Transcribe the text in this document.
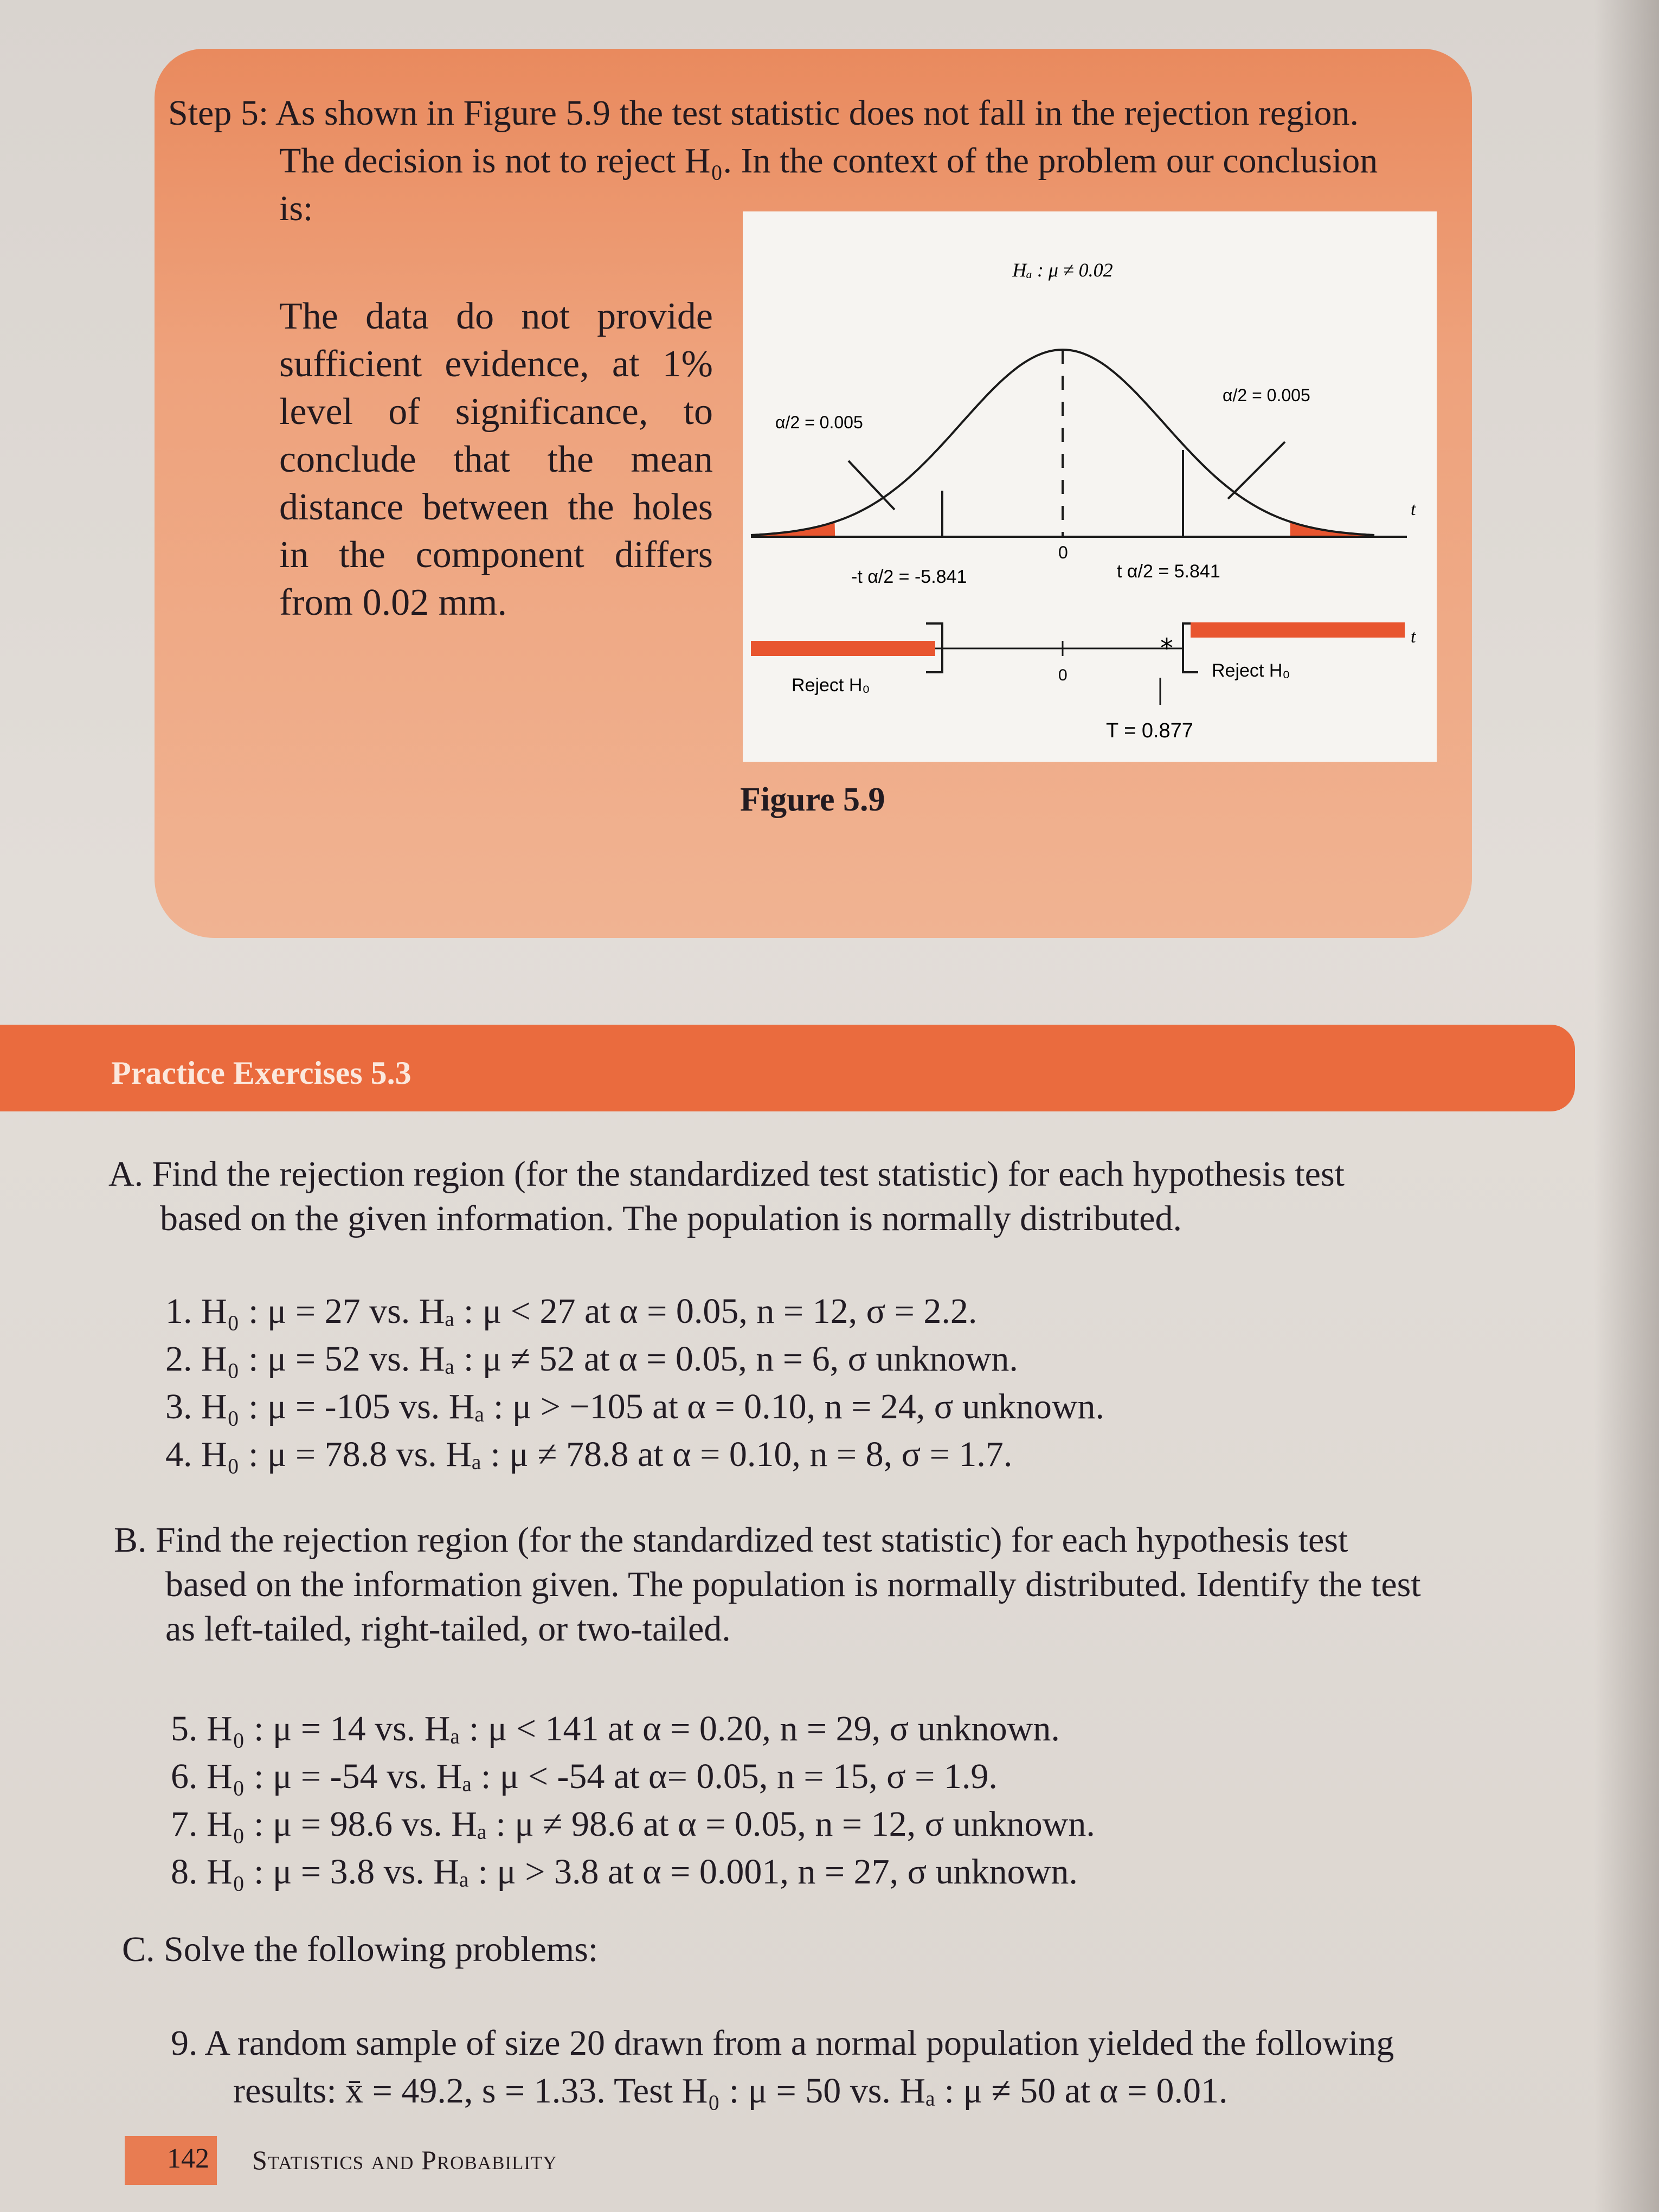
Step 5: As shown in Figure 5.9 the test statistic does not fall in the rejection region.
The decision is not to reject H₀. In the context of the problem our conclusion
is:
The data do not provide sufficient evidence, at 1% level of significance, to conclude that the mean distance between the holes in the component differs from 0.02 mm.
Hₐ : μ ≠ 0.02
t
α/2 = 0.005
α/2 = 0.005
0
-t α/2 = -5.841	t α/2 = 5.841
0
t
*
Reject H₀
Reject H₀
T = 0.877
Figure 5.9
Practice Exercises 5.3
A. Find the rejection region (for the standardized test statistic) for each hypothesis test
based on the given information. The population is normally distributed.
1. H₀ : μ = 27 vs. Hₐ : μ < 27 at α = 0.05, n = 12, σ = 2.2.
2. H₀ : μ = 52 vs. Hₐ : μ ≠ 52 at α = 0.05, n = 6, σ unknown.
3. H₀ : μ = -105 vs. Hₐ : μ > −105 at α = 0.10, n = 24, σ unknown.
4. H₀ : μ = 78.8 vs. Hₐ : μ ≠ 78.8 at α = 0.10, n = 8, σ = 1.7.
B. Find the rejection region (for the standardized test statistic) for each hypothesis test
based on the information given. The population is normally distributed. Identify the test
as left-tailed, right-tailed, or two-tailed.
5. H₀ : μ = 14 vs. Hₐ : μ < 141 at α = 0.20, n = 29, σ unknown.
6. H₀ : μ = -54 vs. Hₐ : μ < -54 at α= 0.05, n = 15, σ = 1.9.
7. H₀ : μ = 98.6 vs. Hₐ : μ ≠ 98.6 at α = 0.05, n = 12, σ unknown.
8. H₀ : μ = 3.8 vs. Hₐ : μ > 3.8 at α = 0.001, n = 27, σ unknown.
C. Solve the following problems:
9. A random sample of size 20 drawn from a normal population yielded the following
results: x̄ = 49.2, s = 1.33. Test H₀ : μ = 50 vs. Hₐ : μ ≠ 50 at α = 0.01.
142 Statistics and Probability
